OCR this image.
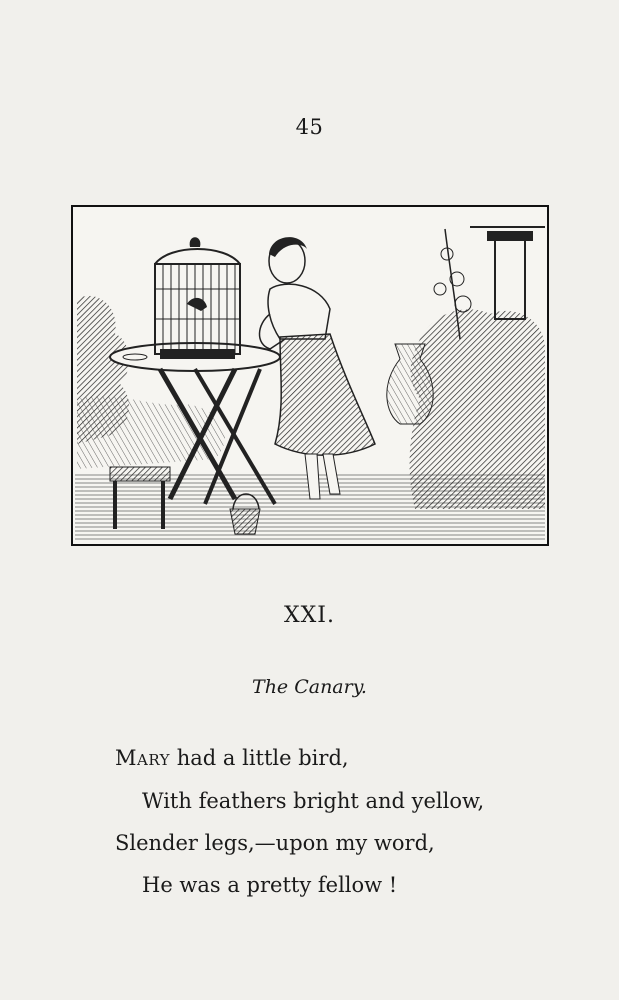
45
XXI.
The Canary.
Mary had a little bird,
With feathers bright and yellow,
Slender legs,—upon my word,
He was a pretty fellow !
